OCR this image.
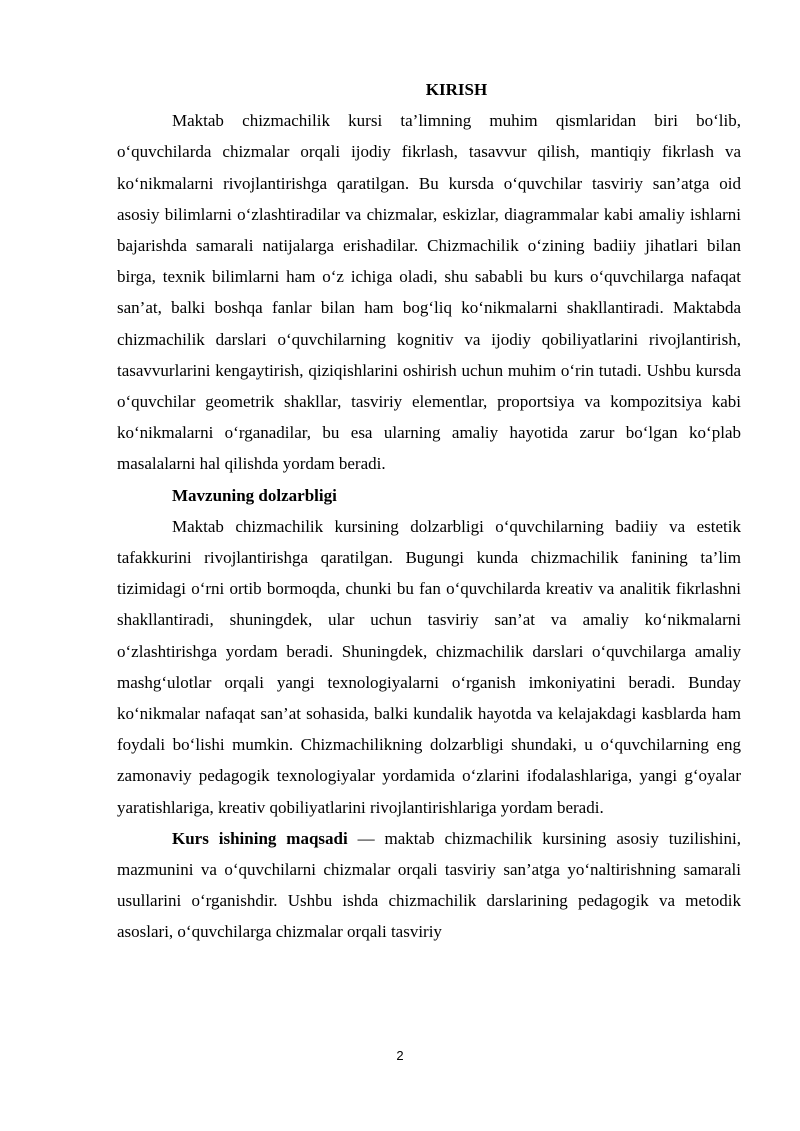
KIRISH

Maktab chizmachilik kursi ta’limning muhim qismlaridan biri bo‘lib, o‘quvchilarda chizmalar orqali ijodiy fikrlash, tasavvur qilish, mantiqiy fikrlash va ko‘nikmalarni rivojlantirishga qaratilgan. Bu kursda o‘quvchilar tasviriy san’atga oid asosiy bilimlarni o‘zlashtiradilar va chizmalar, eskizlar, diagrammalar kabi amaliy ishlarni bajarishda samarali natijalarga erishadilar. Chizmachilik o‘zining badiiy jihatlari bilan birga, texnik bilimlarni ham o‘z ichiga oladi, shu sababli bu kurs o‘quvchilarga nafaqat san’at, balki boshqa fanlar bilan ham bog‘liq ko‘nikmalarni shakllantiradi. Maktabda chizmachilik darslari o‘quvchilarning kognitiv va ijodiy qobiliyatlarini rivojlantirish, tasavvurlarini kengaytirish, qiziqishlarini oshirish uchun muhim o‘rin tutadi. Ushbu kursda o‘quvchilar geometrik shakllar, tasviriy elementlar, proportsiya va kompozitsiya kabi ko‘nikmalarni o‘rganadilar, bu esa ularning amaliy hayotida zarur bo‘lgan ko‘plab masalalarni hal qilishda yordam beradi.

Mavzuning dolzarbligi

Maktab chizmachilik kursining dolzarbligi o‘quvchilarning badiiy va estetik tafakkurini rivojlantirishga qaratilgan. Bugungi kunda chizmachilik fanining ta’lim tizimidagi o‘rni ortib bormoqda, chunki bu fan o‘quvchilarda kreativ va analitik fikrlashni shakllantiradi, shuningdek, ular uchun tasviriy san’at va amaliy ko‘nikmalarni o‘zlashtirishga yordam beradi. Shuningdek, chizmachilik darslari o‘quvchilarga amaliy mashg‘ulotlar orqali yangi texnologiyalarni o‘rganish imkoniyatini beradi. Bunday ko‘nikmalar nafaqat san’at sohasida, balki kundalik hayotda va kelajakdagi kasblarda ham foydali bo‘lishi mumkin. Chizmachilikning dolzarbligi shundaki, u o‘quvchilarning eng zamonaviy pedagogik texnologiyalar yordamida o‘zlarini ifodalashlariga, yangi g‘oyalar yaratishlariga, kreativ qobiliyatlarini rivojlantirishlariga yordam beradi.

Kurs ishining maqsadi — maktab chizmachilik kursining asosiy tuzilishini, mazmunini va o‘quvchilarni chizmalar orqali tasviriy san’atga yo‘naltirishning samarali usullarini o‘rganishdir. Ushbu ishda chizmachilik darslarining pedagogik va metodik asoslari, o‘quvchilarga chizmalar orqali tasviriy

2
